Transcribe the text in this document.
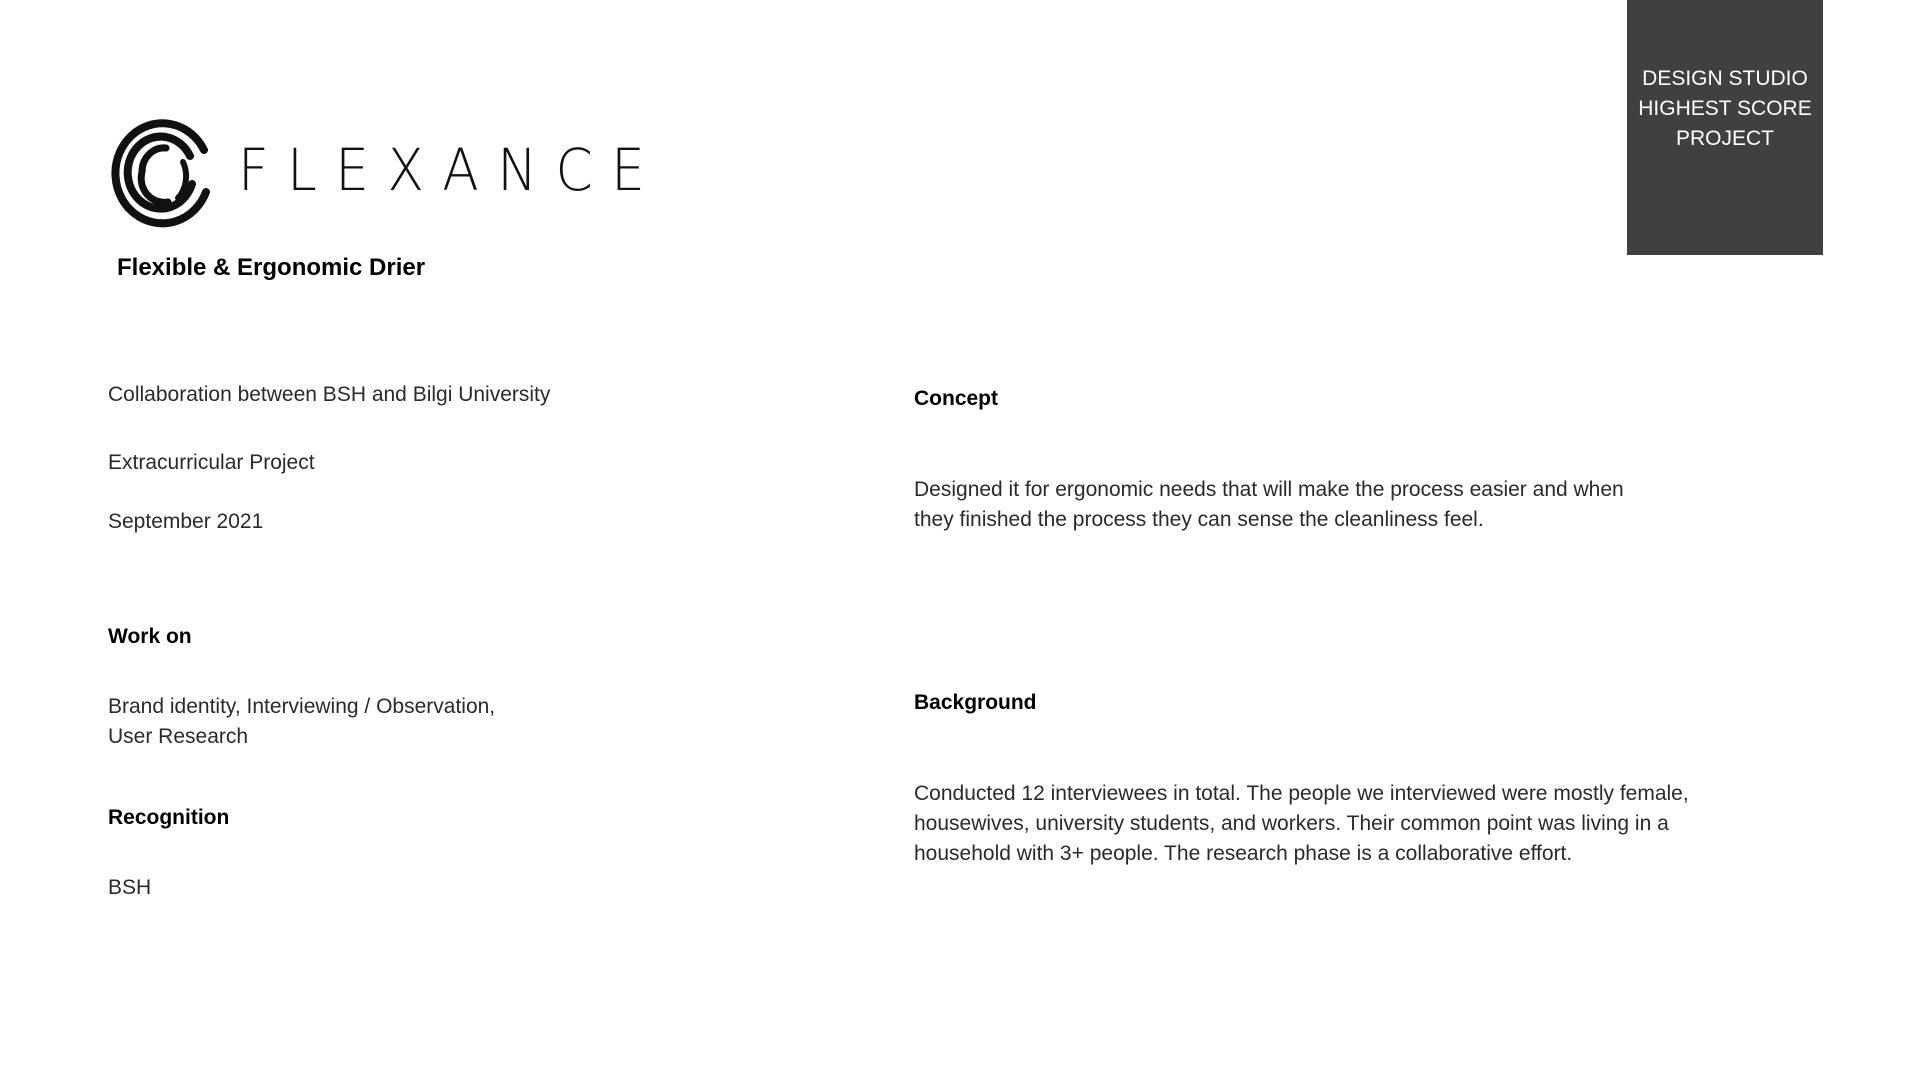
DESIGN STUDIO
HIGHEST SCORE
PROJECT
FLEXANCE
Flexible & Ergonomic Drier
Collaboration between BSH and Bilgi University
Extracurricular Project
September 2021
Work on
Brand identity, Interviewing / Observation,
User Research
Recognition
BSH
Concept
Designed it for ergonomic needs that will make the process easier and when
they finished the process they can sense the cleanliness feel.
Background
Conducted 12 interviewees in total. The people we interviewed were mostly female,
housewives, university students, and workers. Their common point was living in a
household with 3+ people. The research phase is a collaborative effort.
